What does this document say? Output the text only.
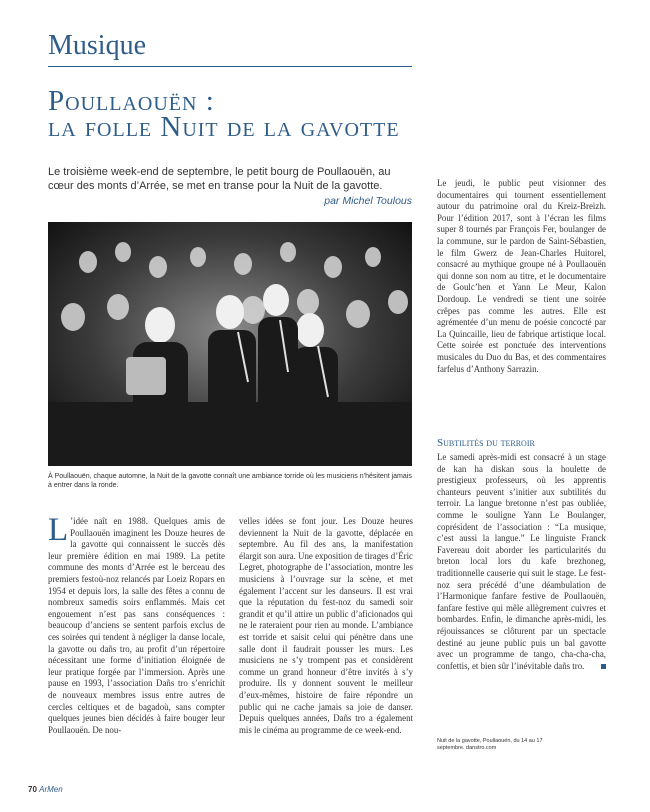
Musique
Poullaouën :
la folle Nuit de la gavotte

Le troisième week-end de septembre, le petit bourg de Poullaouën, au cœur des monts d’Arrée, se met en transe pour la Nuit de la gavotte.

par Michel Toulous

À Poullaouën, chaque automne, la Nuit de la gavotte connaît une ambiance torride où les musiciens n’hésitent jamais à entrer dans la ronde.

L ’idée naît en 1988. Quelques amis de Poullaouën imaginent les Douze heures de la gavotte qui connaissent le succès dès leur première édition en mai 1989. La petite commune des monts d’Arrée est le berceau des premiers festoù-noz relancés par Loeiz Ropars en 1954 et depuis lors, la salle des fêtes a connu de nombreux samedis soirs enflammés. Mais cet engouement n’est pas sans conséquences : beaucoup d’anciens se sentent parfois exclus de ces soirées qui tendent à négliger la danse locale, la gavotte ou dañs tro, au profit d’un répertoire nécessitant une forme d’initiation éloignée de leur pratique forgée par l’immersion. Après une pause en 1993, l’association Dañs tro s’enrichit de nouveaux membres issus entre autres de cercles celtiques et de bagadoù, sans compter quelques jeunes bien décidés à faire bouger leur Poullaouën. De nou-
velles idées se font jour. Les Douze heures deviennent la Nuit de la gavotte, déplacée en septembre. Au fil des ans, la manifestation élargit son aura. Une exposition de tirages d’Éric Legret, photographe de l’association, montre les musiciens à l’ouvrage sur la scène, et met également l’accent sur les danseurs. Il est vrai que la réputation du fest-noz du samedi soir grandit et qu’il attire un public d’aficionados qui ne le rateraient pour rien au monde. L’ambiance est torride et saisit celui qui pénètre dans une salle dont il faudrait pousser les murs. Les musiciens ne s’y trompent pas et considèrent comme un grand honneur d’être invités à s’y produire. Ils y donnent souvent le meilleur d’eux-mêmes, histoire de faire répondre un public qui ne cache jamais sa joie de danser. Depuis quelques années, Dañs tro a également mis le cinéma au programme de ce week-end.
Le jeudi, le public peut visionner des documentaires qui tournent essentiellement autour du patrimoine oral du Kreiz-Breizh. Pour l’édition 2017, sont à l’écran les films super 8 tournés par François Fer, boulanger de la commune, sur le pardon de Saint-Sébastien, le film Gwerz de Jean-Charles Huitorel, consacré au mythique groupe né à Poullaouën qui donne son nom au titre, et le documentaire de Goulc’hen et Yann Le Meur, Kalon Dordoup. Le vendredi se tient une soirée crêpes pas comme les autres. Elle est agrémentée d’un menu de poésie concocté par La Quincaille, lieu de fabrique artistique local. Cette soirée est ponctuée des interventions musicales du Duo du Bas, et des commentaires farfelus d’Anthony Sarrazin.
Subtilités du terroir
Le samedi après-midi est consacré à un stage de kan ha diskan sous la houlette de prestigieux professeurs, où les apprentis chanteurs peuvent s’initier aux subtilités du terroir. La langue bretonne n’est pas oubliée, comme le souligne Yann Le Boulanger, coprésident de l’association : “La musique, c’est aussi la langue.” Le linguiste Franck Favereau doit aborder les particularités du breton local lors du kafe brezhoneg, traditionnelle causerie qui suit le stage. Le fest-noz sera précédé d’une déambulation de l’Harmonique fanfare festive de Poullaouën, fanfare festive qui mêle allègrement cuivres et bombardes. Enfin, le dimanche après-midi, les réjouissances se clôturent par un spectacle destiné au jeune public puis un bal gavotte avec un programme de tango, cha-cha-cha, confettis, et bien sûr l’inévitable dañs tro.

Nuit de la gavotte, Poullaouën, du 14 au 17 septembre. danstro.com

70 ArMen
